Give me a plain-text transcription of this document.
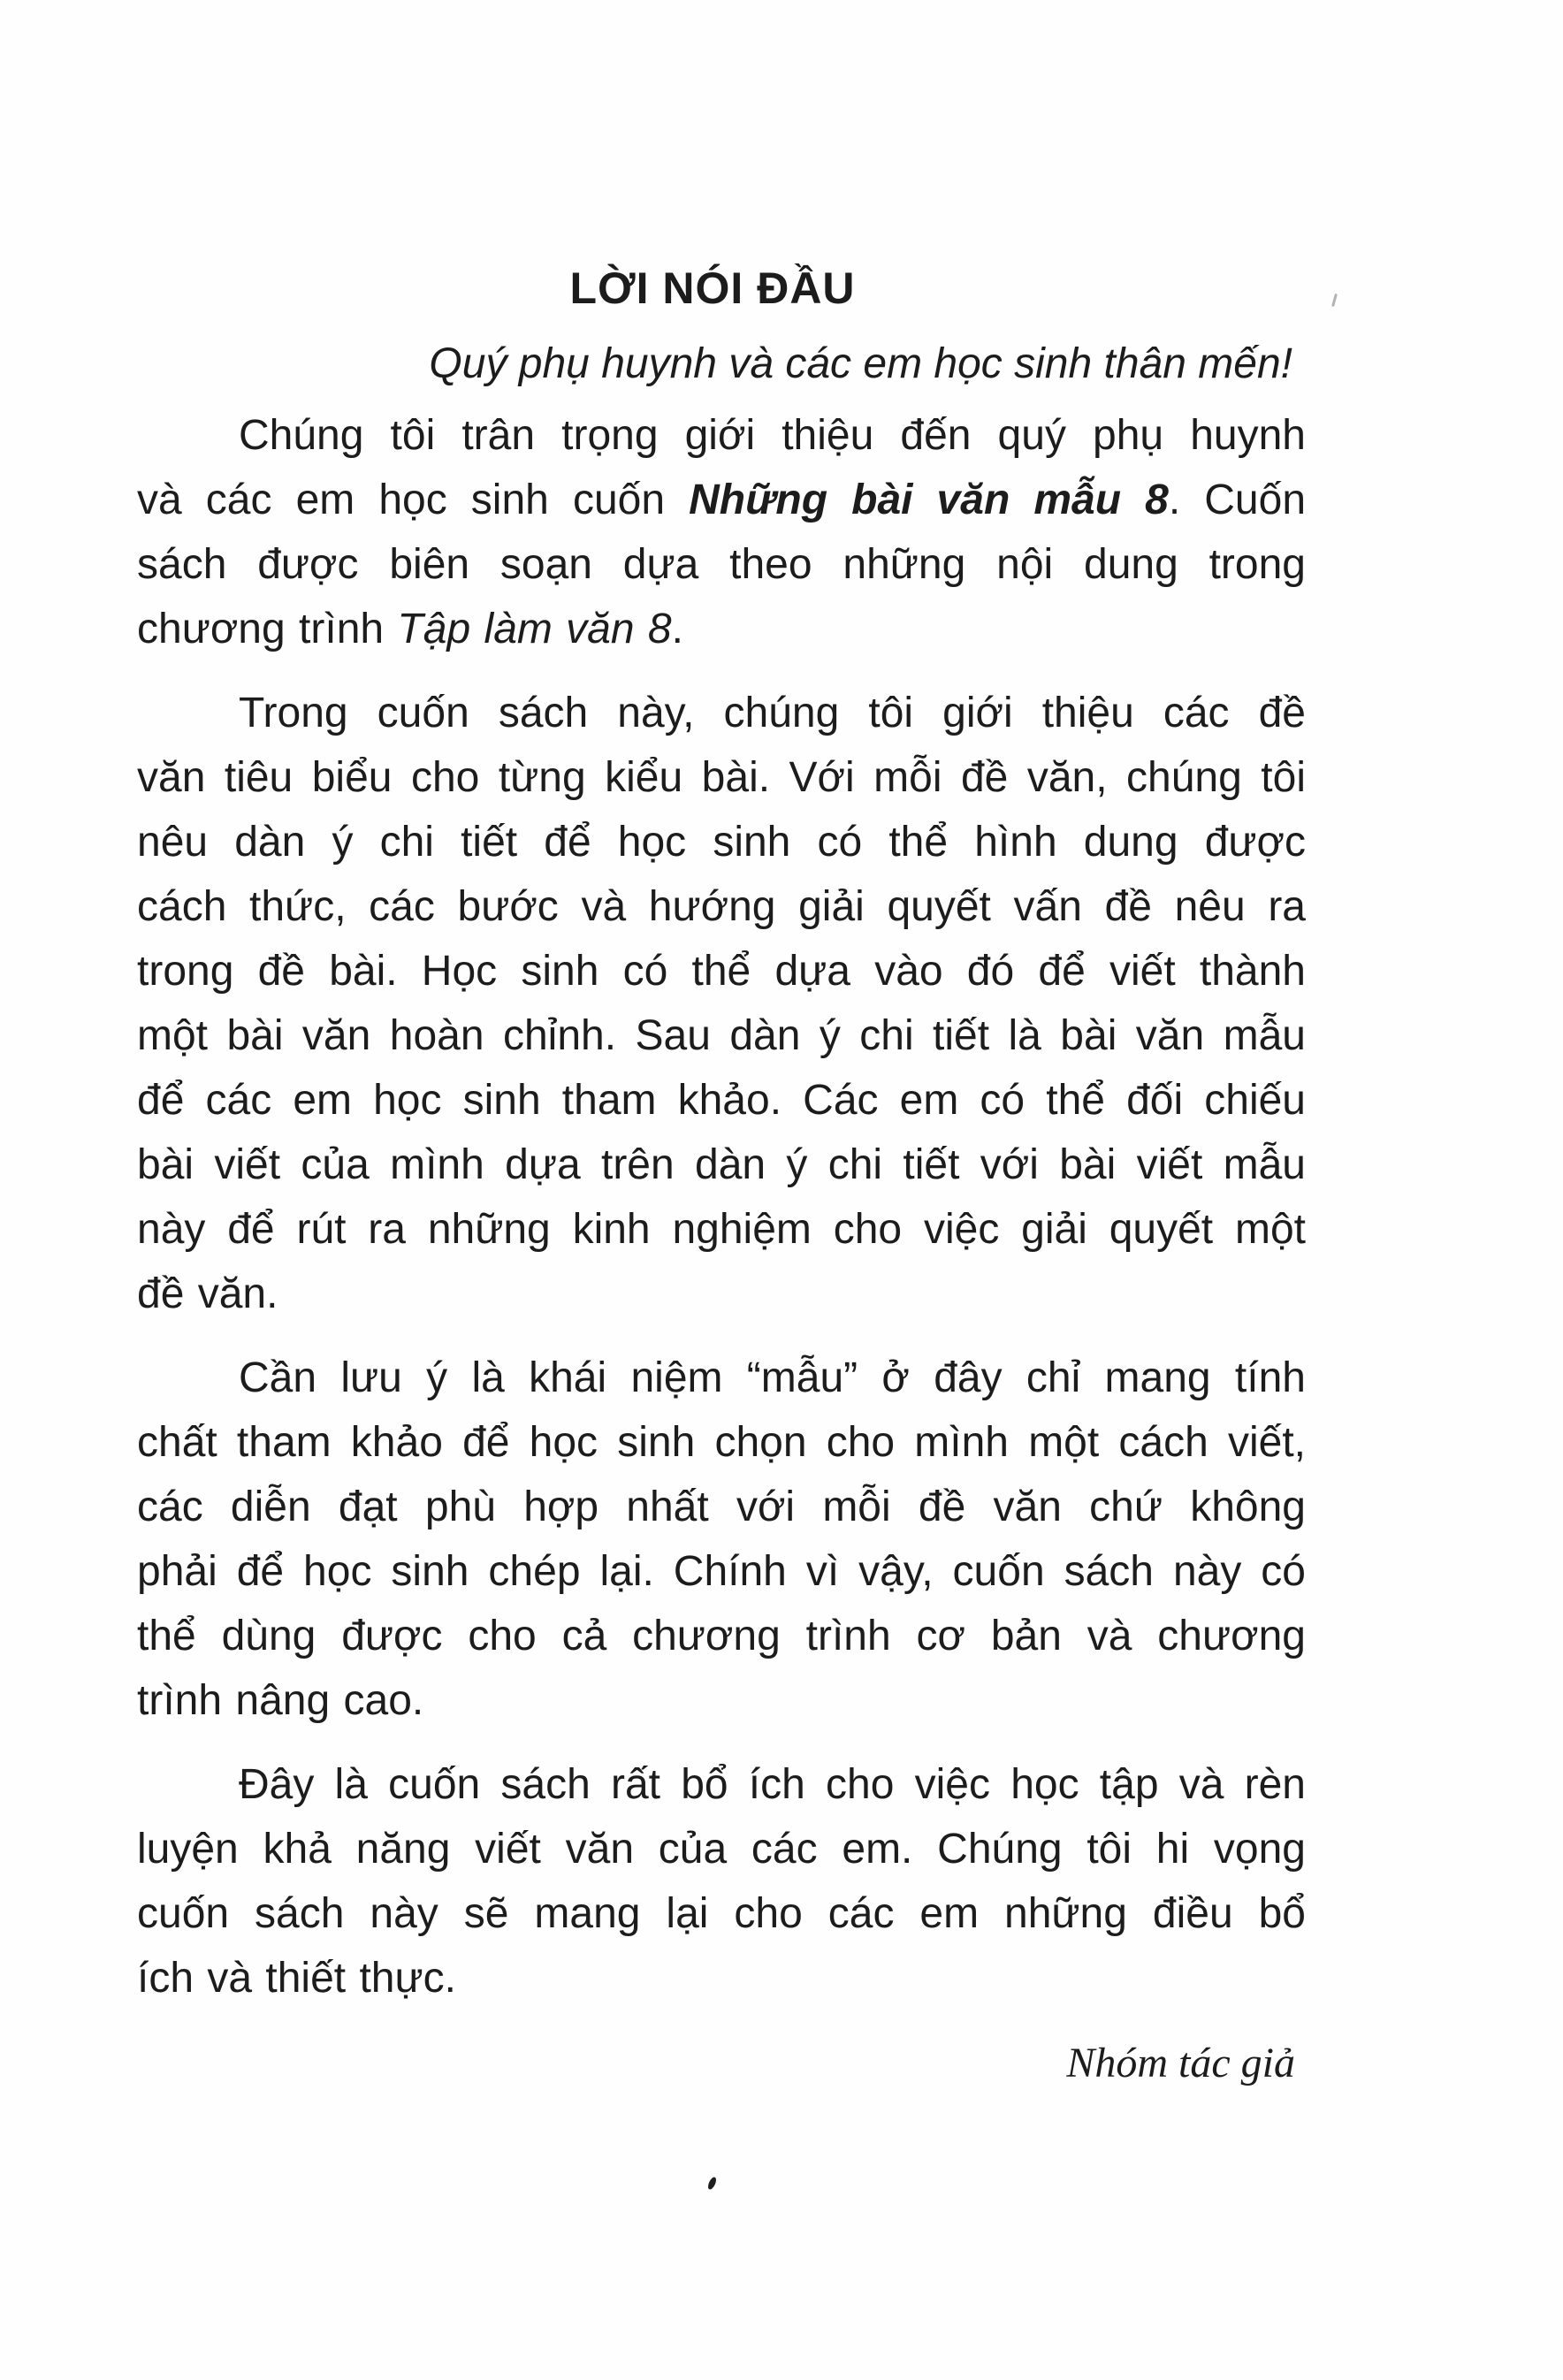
LỜI NÓI ĐẦU
Quý phụ huynh và các em học sinh thân mến!
Chúng tôi trân trọng giới thiệu đến quý phụ huynh
và các em học sinh cuốn Những bài văn mẫu 8. Cuốn
sách được biên soạn dựa theo những nội dung trong
chương trình Tập làm văn 8.
Trong cuốn sách này, chúng tôi giới thiệu các đề
văn tiêu biểu cho từng kiểu bài. Với mỗi đề văn, chúng tôi
nêu dàn ý chi tiết để học sinh có thể hình dung được
cách thức, các bước và hướng giải quyết vấn đề nêu ra
trong đề bài. Học sinh có thể dựa vào đó để viết thành
một bài văn hoàn chỉnh. Sau dàn ý chi tiết là bài văn mẫu
để các em học sinh tham khảo. Các em có thể đối chiếu
bài viết của mình dựa trên dàn ý chi tiết với bài viết mẫu
này để rút ra những kinh nghiệm cho việc giải quyết một
đề văn.
Cần lưu ý là khái niệm “mẫu” ở đây chỉ mang tính
chất tham khảo để học sinh chọn cho mình một cách viết,
các diễn đạt phù hợp nhất với mỗi đề văn chứ không
phải để học sinh chép lại. Chính vì vậy, cuốn sách này có
thể dùng được cho cả chương trình cơ bản và chương
trình nâng cao.
Đây là cuốn sách rất bổ ích cho việc học tập và rèn
luyện khả năng viết văn của các em. Chúng tôi hi vọng
cuốn sách này sẽ mang lại cho các em những điều bổ
ích và thiết thực.
Nhóm tác giả
